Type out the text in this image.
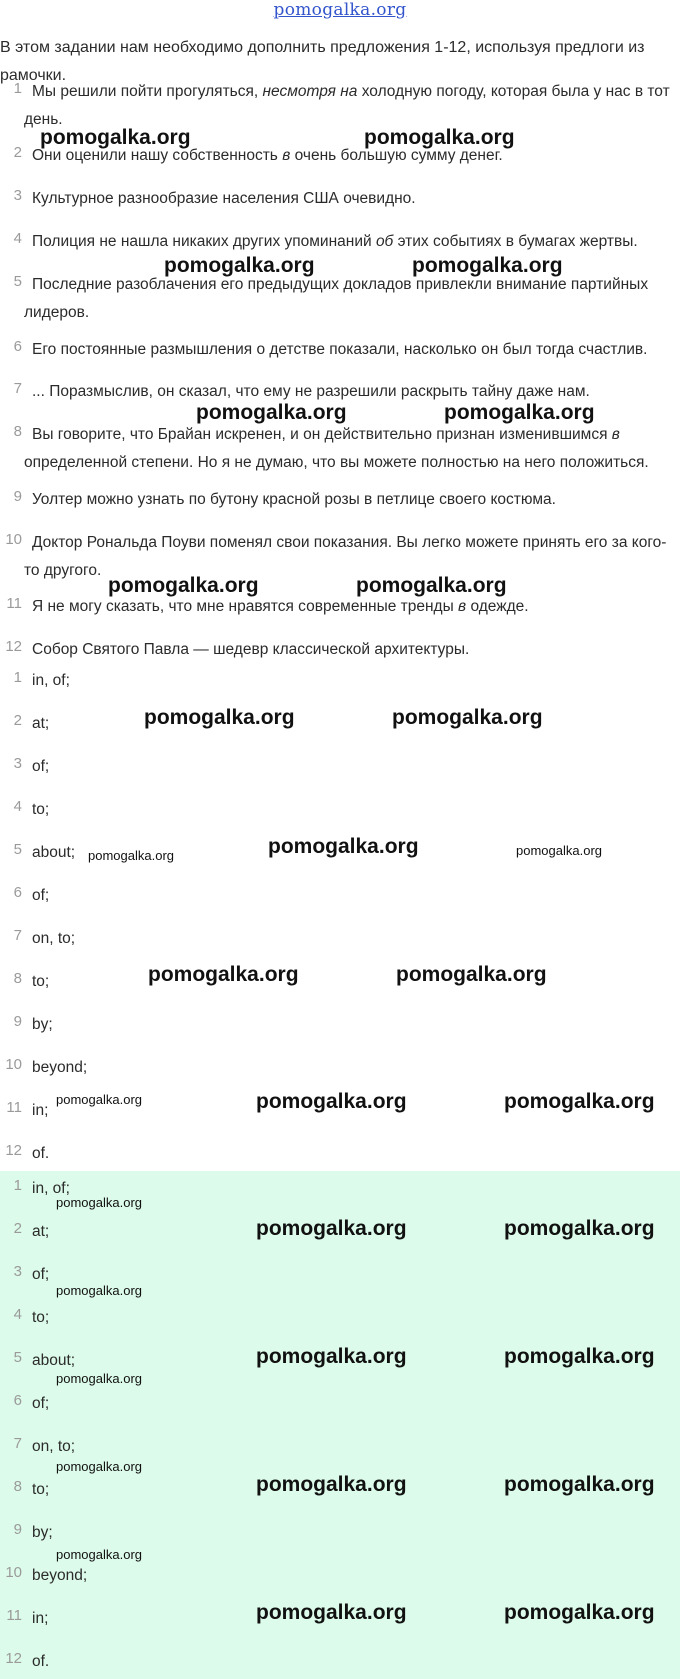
pomogalka.org
В этом задании нам необходимо дополнить предложения 1-12, используя предлоги из рамочки.
1 Мы решили пойти прогуляться, несмотря на холодную погоду, которая была у нас в тот день.
2 Они оценили нашу собственность в очень большую сумму денег.
3 Культурное разнообразие населения США очевидно.
4 Полиция не нашла никаких других упоминаний об этих событиях в бумагах жертвы.
5 Последние разоблачения его предыдущих докладов привлекли внимание партийных лидеров.
6 Его постоянные размышления о детстве показали, насколько он был тогда счастлив.
7 ... Поразмыслив, он сказал, что ему не разрешили раскрыть тайну даже нам.
8 Вы говорите, что Брайан искренен, и он действительно признан изменившимся в определенной степени. Но я не думаю, что вы можете полностью на него положиться.
9 Уолтер можно узнать по бутону красной розы в петлице своего костюма.
10 Доктор Рональда Поуви поменял свои показания. Вы легко можете принять его за кого-то другого.
11 Я не могу сказать, что мне нравятся современные тренды в одежде.
12 Собор Святого Павла — шедевр классической архитектуры.
1 in, of;
2 at;
3 of;
4 to;
5 about;
6 of;
7 on, to;
8 to;
9 by;
10 beyond;
11 in;
12 of.
1 in, of;
2 at;
3 of;
4 to;
5 about;
6 of;
7 on, to;
8 to;
9 by;
10 beyond;
11 in;
12 of.
pomogalka.org	pomogalka.org
pomogalka.org	pomogalka.org
pomogalka.org	pomogalka.org
pomogalka.org	pomogalka.org
pomogalka.org	pomogalka.org
pomogalka.org	pomogalka.org	pomogalka.org
pomogalka.org	pomogalka.org
pomogalka.org	pomogalka.org	pomogalka.org
pomogalka.org
pomogalka.org	pomogalka.org
pomogalka.org
pomogalka.org	pomogalka.org
pomogalka.org
pomogalka.org
pomogalka.org	pomogalka.org
pomogalka.org
pomogalka.org	pomogalka.org
